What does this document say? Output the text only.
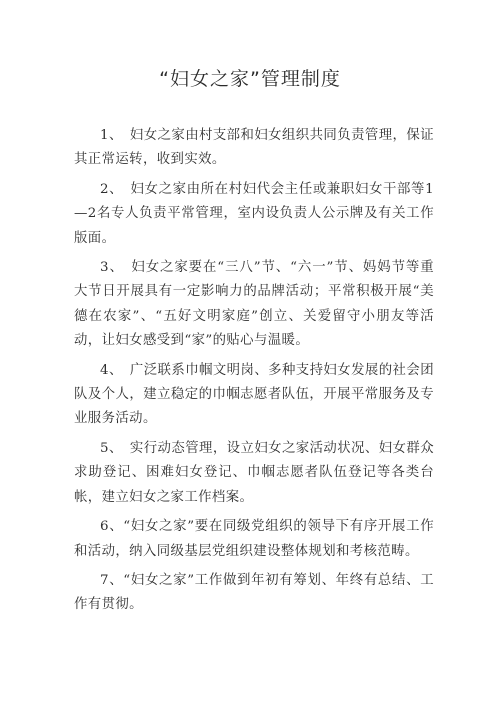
“妇女之家”管理制度

1、　妇女之家由村支部和妇女组织共同负责管理，保证其正常运转，收到实效。

2、　妇女之家由所在村妇代会主任或兼职妇女干部等1—2名专人负责平常管理，室内设负责人公示牌及有关工作版面。

3、　妇女之家要在“三八”节、“六一”节、妈妈节等重大节日开展具有一定影响力的品牌活动；平常积极开展“美德在农家”、“五好文明家庭”创立、关爱留守小朋友等活动，让妇女感受到“家”的贴心与温暖。

4、　广泛联系巾帼文明岗、多种支持妇女发展的社会团队及个人，建立稳定的巾帼志愿者队伍，开展平常服务及专业服务活动。

5、　实行动态管理，设立妇女之家活动状况、妇女群众求助登记、困难妇女登记、巾帼志愿者队伍登记等各类台帐，建立妇女之家工作档案。

6、“妇女之家”要在同级党组织的领导下有序开展工作和活动，纳入同级基层党组织建设整体规划和考核范畴。

7、“妇女之家”工作做到年初有筹划、年终有总结、工作有贯彻。
